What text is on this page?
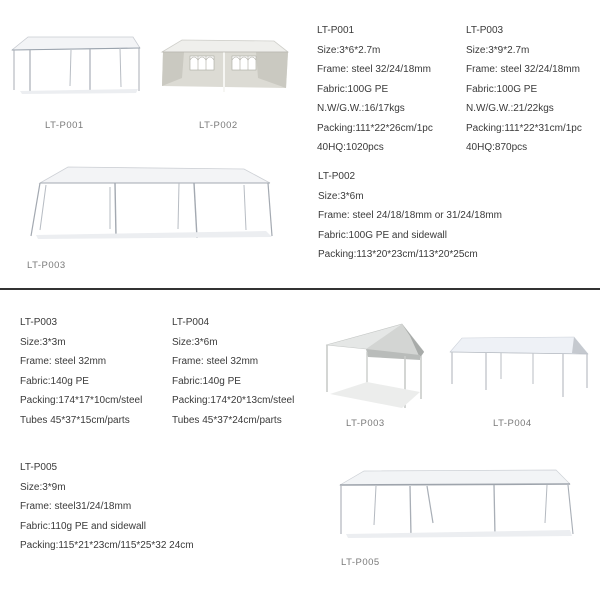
LT-P001	LT-P002
LT-P003
LT-P001
Size:3*6*2.7m
Frame: steel 32/24/18mm
Fabric:100G PE
N.W/G.W.:16/17kgs
Packing:111*22*26cm/1pc
40HQ:1020pcs
LT-P003
Size:3*9*2.7m
Frame: steel 32/24/18mm
Fabric:100G PE
N.W/G.W.:21/22kgs
Packing:111*22*31cm/1pc
40HQ:870pcs
LT-P002
Size:3*6m
Frame: steel 24/18/18mm or 31/24/18mm
Fabric:100G PE and sidewall
Packing:113*20*23cm/113*20*25cm
LT-P003
Size:3*3m
Frame: steel 32mm
Fabric:140g PE
Packing:174*17*10cm/steel
Tubes 45*37*15cm/parts
LT-P004
Size:3*6m
Frame: steel 32mm
Fabric:140g PE
Packing:174*20*13cm/steel
Tubes 45*37*24cm/parts
LT-P005
Size:3*9m
Frame: steel31/24/18mm
Fabric:110g PE and sidewall
Packing:115*21*23cm/115*25*32 24cm
LT-P003	LT-P004
LT-P005
